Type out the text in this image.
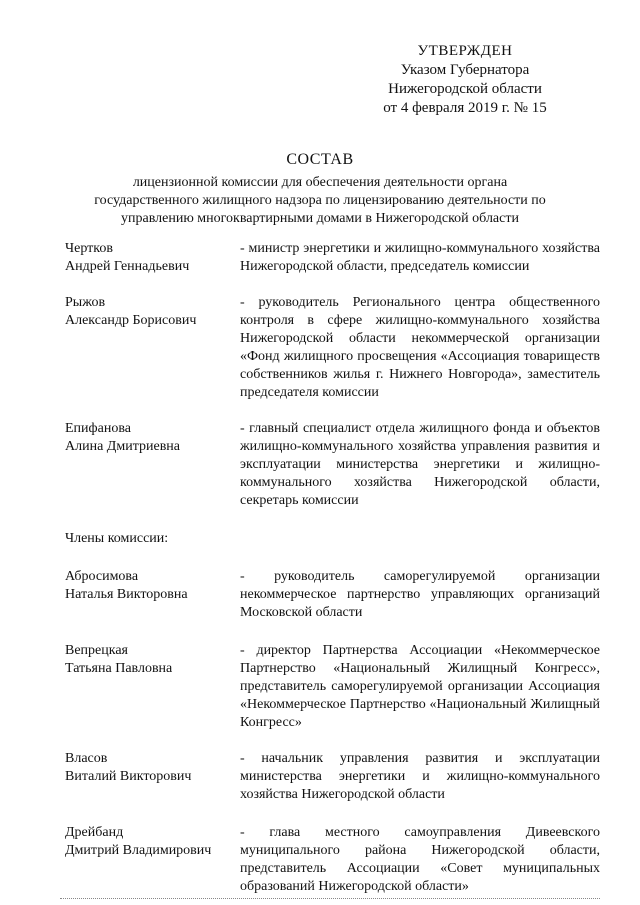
УТВЕРЖДЕН
Указом Губернатора
Нижегородской области
от 4 февраля 2019 г. № 15
СОСТАВ
лицензионной комиссии для обеспечения деятельности органа
государственного жилищного надзора по лицензированию деятельности по
управлению многоквартирными домами в Нижегородской области
Чертков
Андрей Геннадьевич
- министр энергетики и жилищно-коммунального хозяйства Нижегородской области, председатель комиссии
Рыжов
Александр Борисович
- руководитель Регионального центра общественного контроля в сфере жилищно-коммунального хозяйства Нижегородской области некоммерческой организации «Фонд жилищного просвещения «Ассоциация товариществ собственников жилья г. Нижнего Новгорода», заместитель председателя комиссии
Епифанова
Алина Дмитриевна
- главный специалист отдела жилищного фонда и объектов жилищно-коммунального хозяйства управления развития и эксплуатации министерства энергетики и жилищно-коммунального хозяйства Нижегородской области, секретарь комиссии
Члены комиссии:
Абросимова
Наталья Викторовна
- руководитель саморегулируемой организации некоммерческое партнерство управляющих организаций Московской области
Вепрецкая
Татьяна Павловна
- директор Партнерства Ассоциации «Некоммерческое Партнерство «Национальный Жилищный Конгресс», представитель саморегулируемой организации Ассоциация «Некоммерческое Партнерство «Национальный Жилищный Конгресс»
Власов
Виталий Викторович
- начальник управления развития и эксплуатации министерства энергетики и жилищно-коммунального хозяйства Нижегородской области
Дрейбанд
Дмитрий Владимирович
- глава местного самоуправления Дивеевского муниципального района Нижегородской области, представитель Ассоциации «Совет муниципальных образований Нижегородской области»
